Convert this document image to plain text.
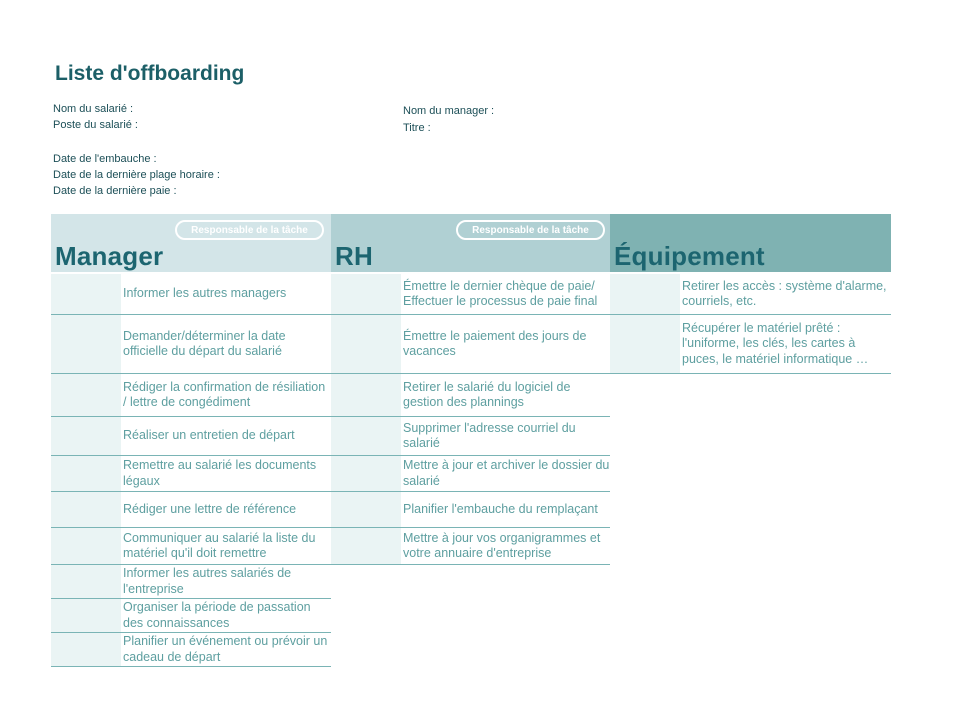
Liste d'offboarding
Nom du salarié :
Poste du salarié :
Date de l'embauche :
Date de la dernière plage horaire :
Date de la dernière paie :
Nom du manager :
Titre :
Responsable de la tâche
Manager
Responsable de la tâche
RH	Équipement
Informer les autres managers
Demander/déterminer la date officielle du départ du salarié
Rédiger la confirmation de résiliation / lettre de congédiment
Réaliser un entretien de départ
Remettre au salarié les documents légaux
Rédiger une lettre de référence
Communiquer au salarié la liste du matériel qu'il doit remettre
Informer les autres salariés de l'entreprise
Organiser la période de passation des connaissances
Planifier un événement ou prévoir un cadeau de départ
Émettre le dernier chèque de paie/ Effectuer le processus de paie final
Émettre le paiement des jours de vacances
Retirer le salarié du logiciel de gestion des plannings
Supprimer l'adresse courriel du salarié
Mettre à jour et archiver le dossier du salarié
Planifier l'embauche du remplaçant
Mettre à jour vos organigrammes et votre annuaire d'entreprise
Retirer les accès : système d'alarme, courriels, etc.
Récupérer le matériel prêté : l'uniforme, les clés, les cartes à puces, le matériel informatique …
